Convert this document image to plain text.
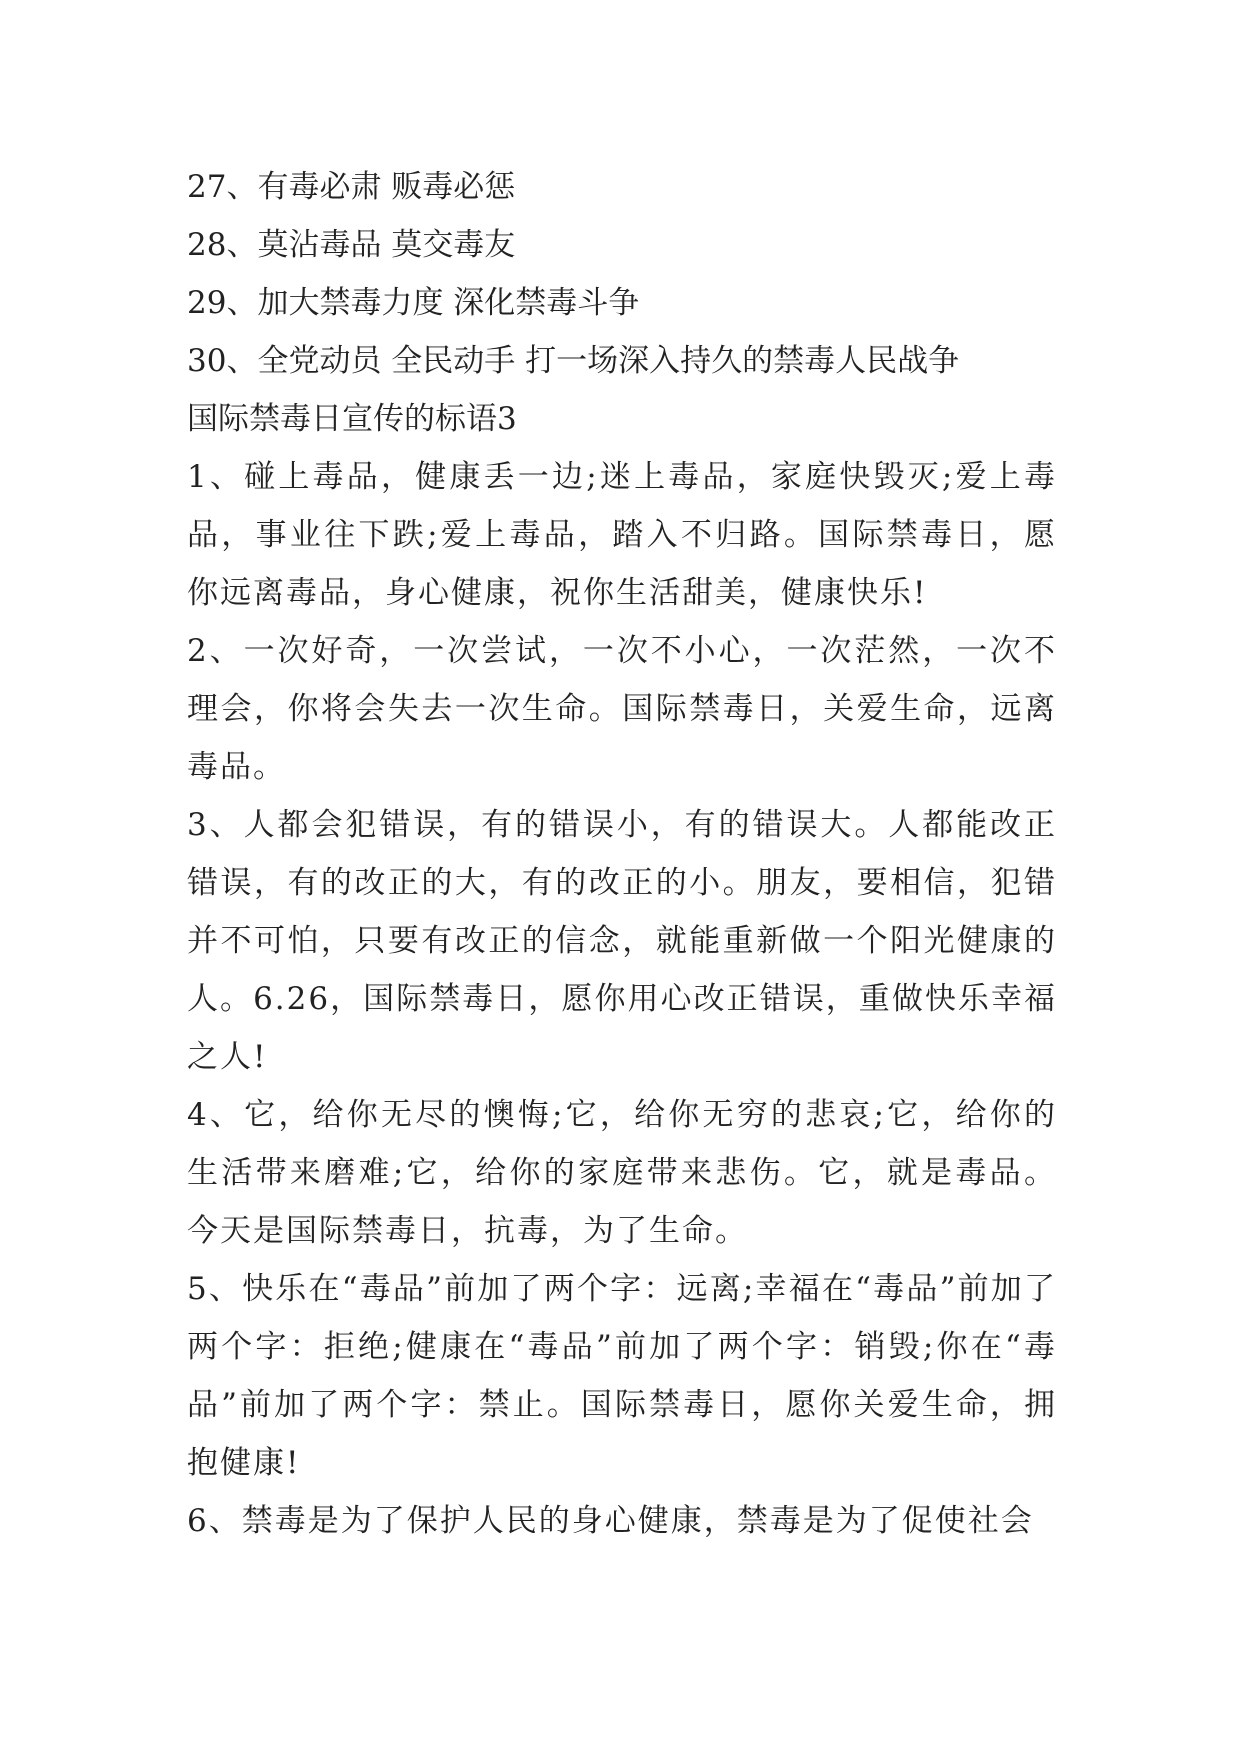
27、有毒必肃 贩毒必惩
28、莫沾毒品 莫交毒友
29、加大禁毒力度 深化禁毒斗争
30、全党动员 全民动手 打一场深入持久的禁毒人民战争
国际禁毒日宣传的标语3
1、碰上毒品，健康丢一边;迷上毒品，家庭快毁灭;爱上毒品，事业往下跌;爱上毒品，踏入不归路。国际禁毒日，愿你远离毒品，身心健康，祝你生活甜美，健康快乐!
2、一次好奇，一次尝试，一次不小心，一次茫然，一次不理会，你将会失去一次生命。国际禁毒日，关爱生命，远离毒品。
3、人都会犯错误，有的错误小，有的错误大。人都能改正错误，有的改正的大，有的改正的小。朋友，要相信，犯错并不可怕，只要有改正的信念，就能重新做一个阳光健康的人。6.26，国际禁毒日，愿你用心改正错误，重做快乐幸福之人!
4、它，给你无尽的懊悔;它，给你无穷的悲哀;它，给你的生活带来磨难;它，给你的家庭带来悲伤。它，就是毒品。今天是国际禁毒日，抗毒，为了生命。
5、快乐在“毒品”前加了两个字：远离;幸福在“毒品”前加了两个字：拒绝;健康在“毒品”前加了两个字：销毁;你在“毒品”前加了两个字：禁止。国际禁毒日，愿你关爱生命，拥抱健康!
6、禁毒是为了保护人民的身心健康，禁毒是为了促使社会
